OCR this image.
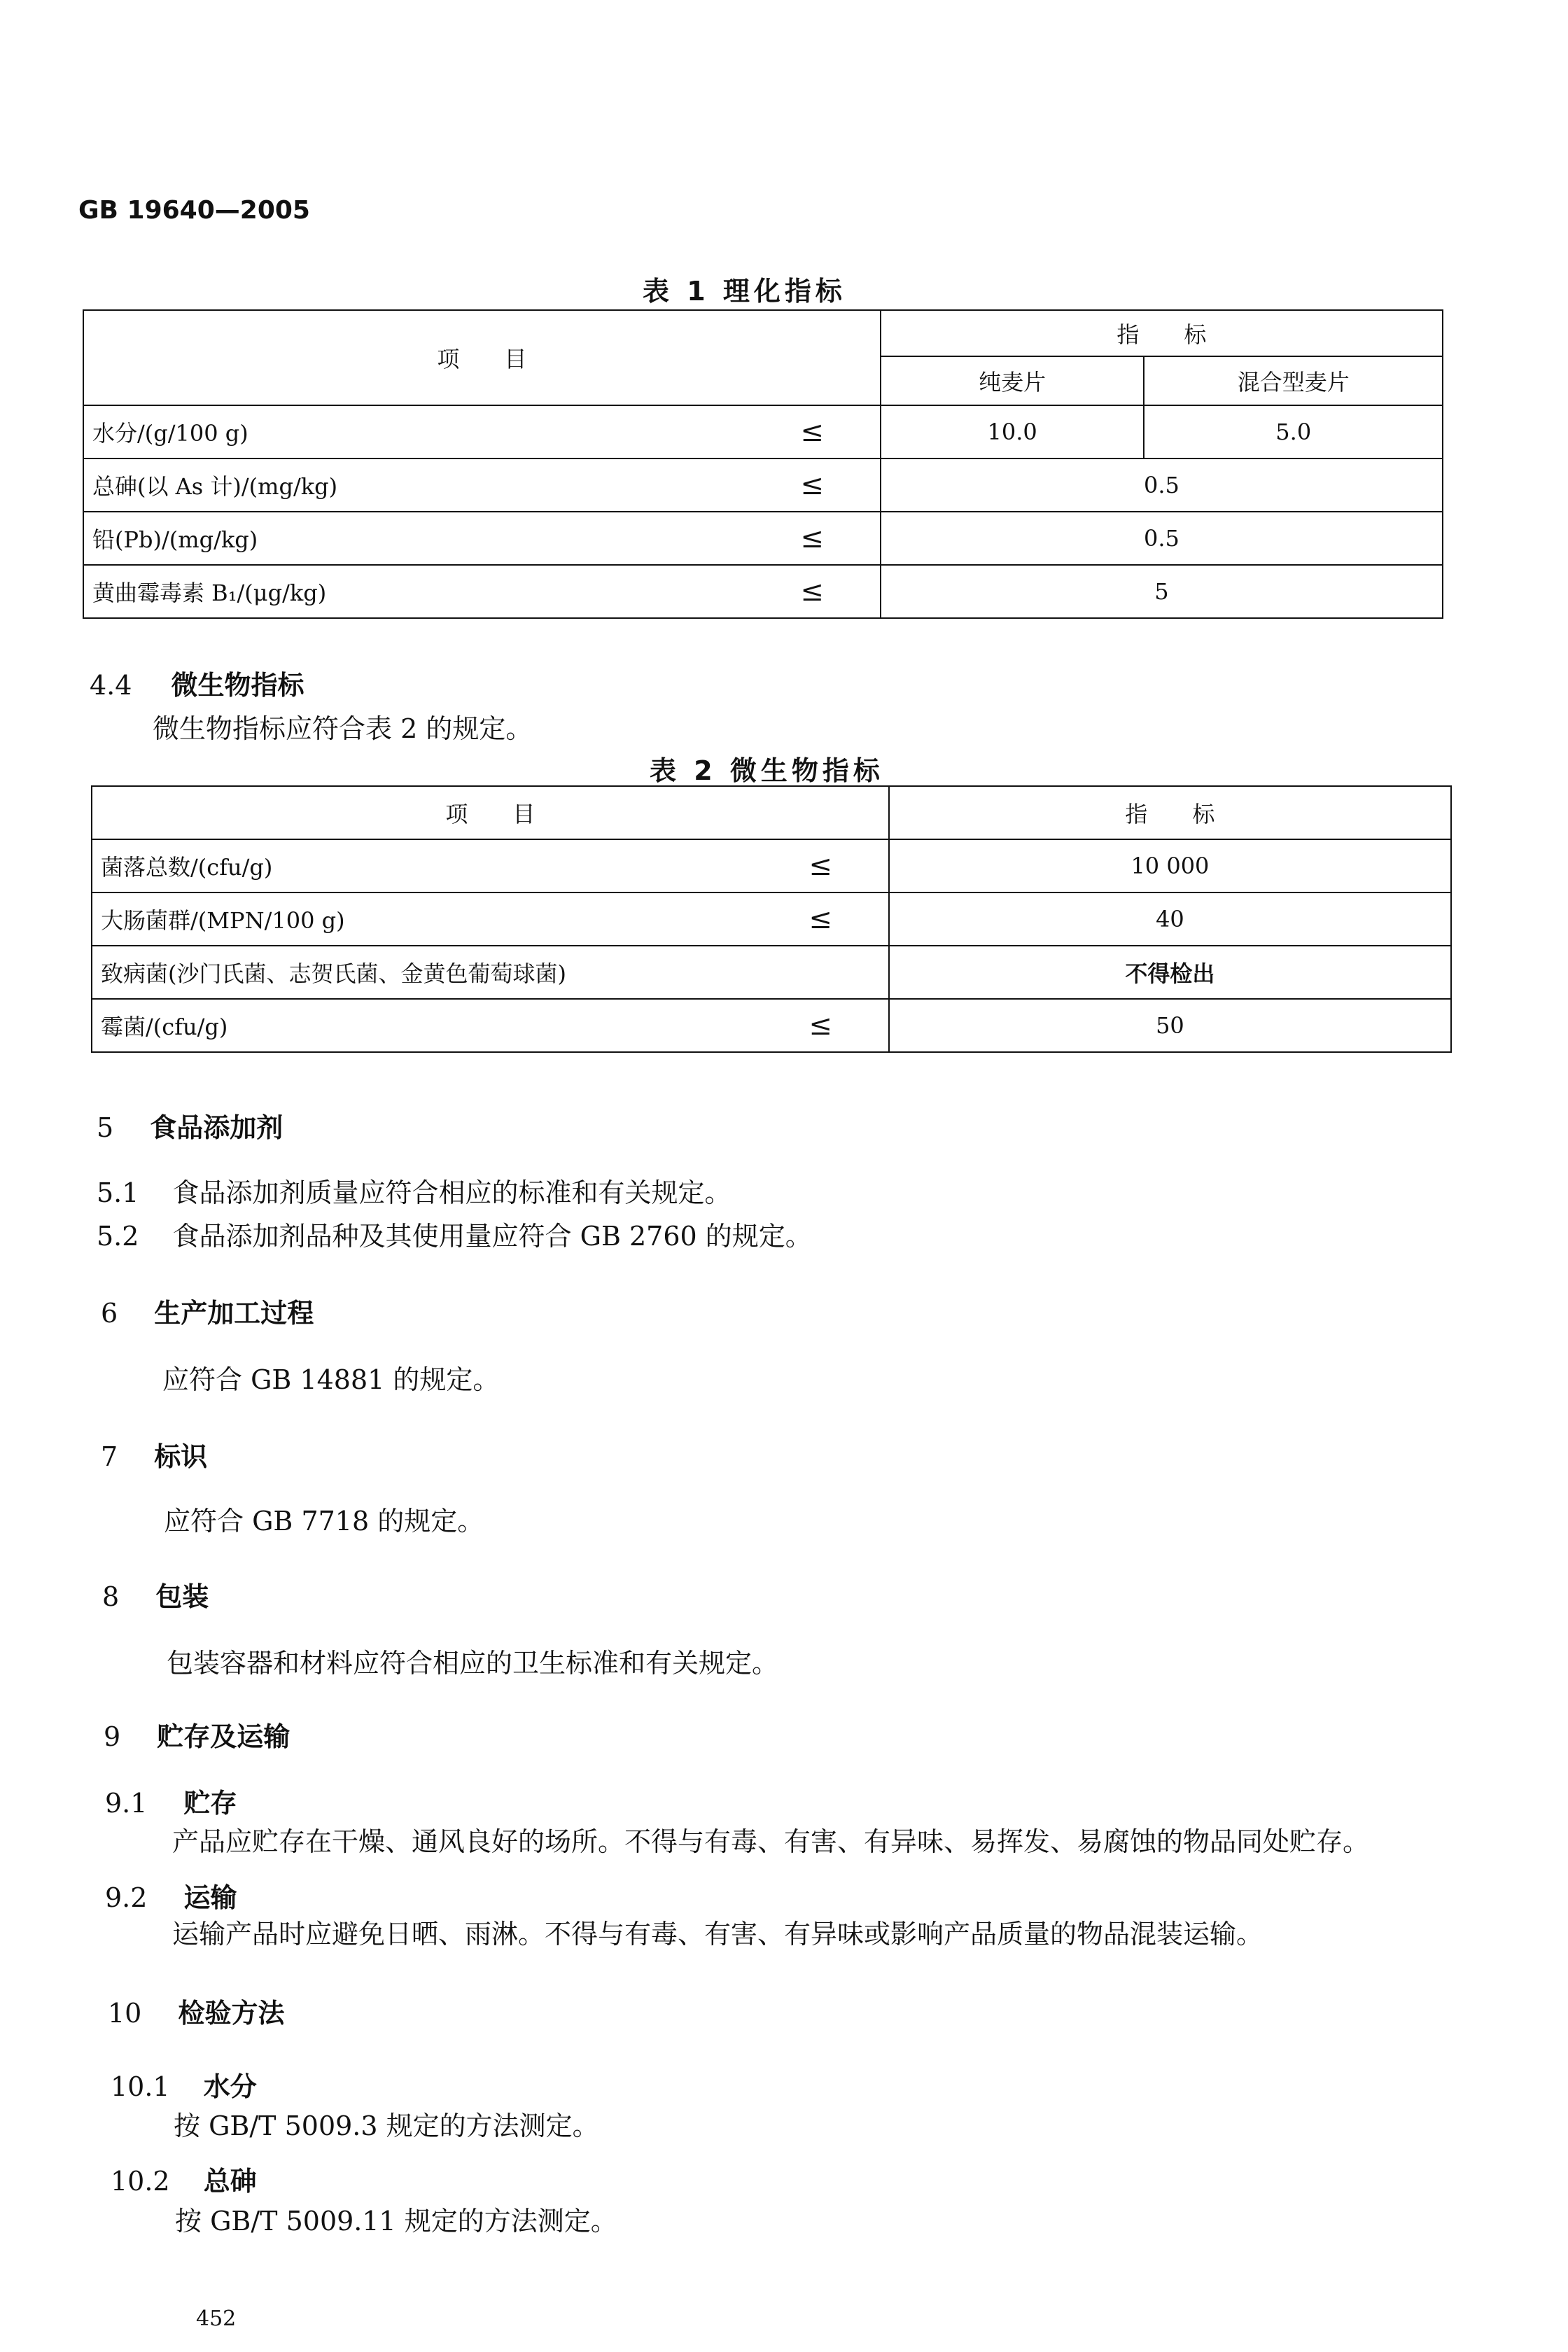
GB 19640—2005
表 1 理化指标
项　　目	指　　标	
	纯麦片	混合型麦片
水分/(g/100 g) ≤	10.0	5.0
总砷(以 As 计)/(mg/kg) ≤	0.5	
铅(Pb)/(mg/kg) ≤	0.5	
黄曲霉毒素 B₁/(μg/kg) ≤	5	
4.4 微生物指标
微生物指标应符合表 2 的规定。
表 2 微生物指标
项　　目	指　　标
菌落总数/(cfu/g) ≤	10 000
大肠菌群/(MPN/100 g) ≤	40
致病菌(沙门氏菌、志贺氏菌、金黄色葡萄球菌)	不得检出
霉菌/(cfu/g) ≤	50
5 食品添加剂
5.1 食品添加剂质量应符合相应的标准和有关规定。
5.2 食品添加剂品种及其使用量应符合 GB 2760 的规定。
6 生产加工过程
应符合 GB 14881 的规定。
7 标识
应符合 GB 7718 的规定。
8 包装
包装容器和材料应符合相应的卫生标准和有关规定。
9 贮存及运输
9.1 贮存
产品应贮存在干燥、通风良好的场所。不得与有毒、有害、有异味、易挥发、易腐蚀的物品同处贮存。
9.2 运输
运输产品时应避免日晒、雨淋。不得与有毒、有害、有异味或影响产品质量的物品混装运输。
10 检验方法
10.1 水分
按 GB/T 5009.3 规定的方法测定。
10.2 总砷
按 GB/T 5009.11 规定的方法测定。
452
